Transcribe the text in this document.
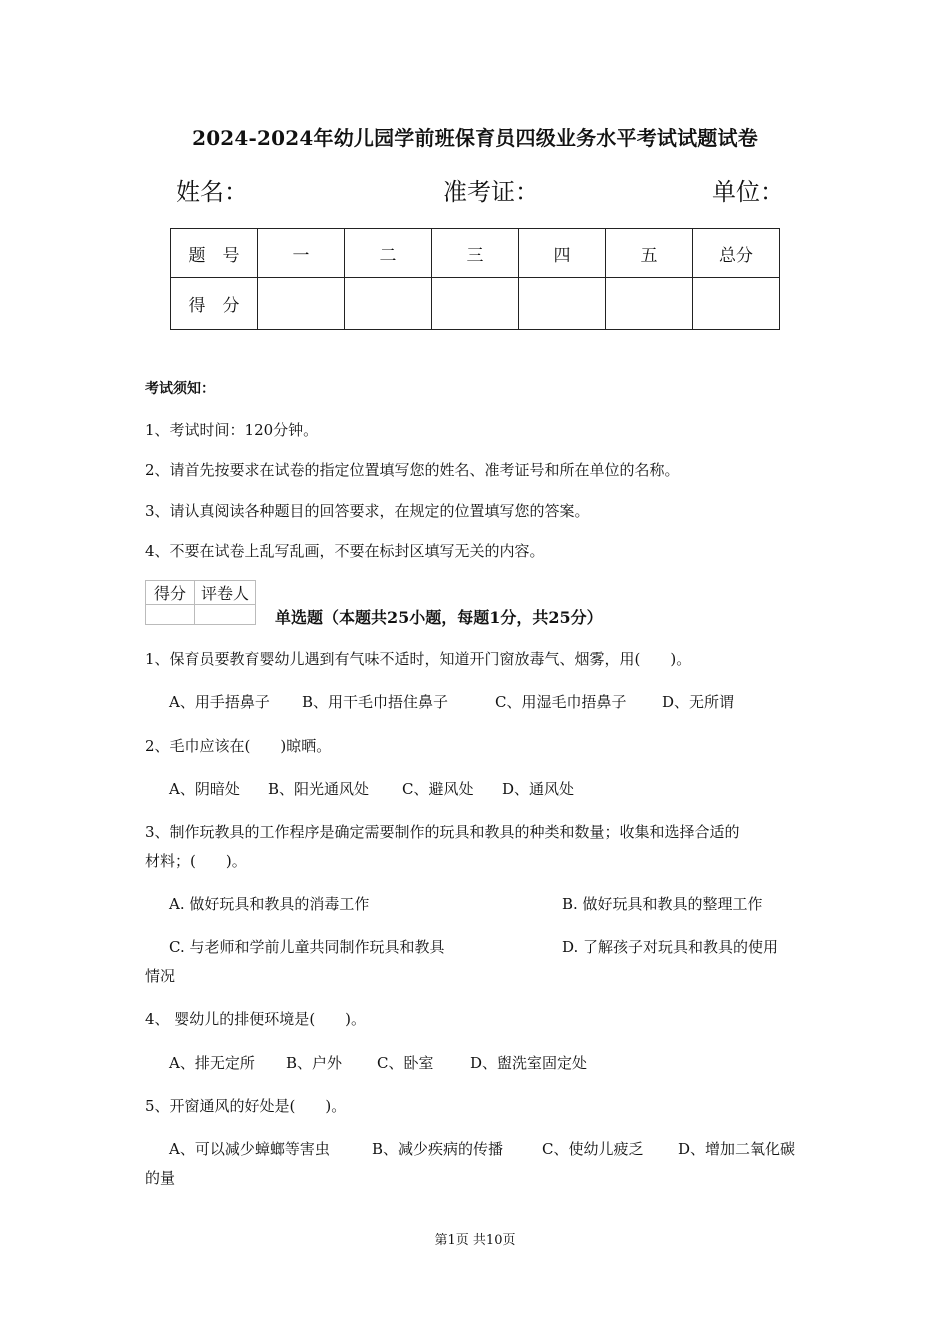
2024-2024年幼儿园学前班保育员四级业务水平考试试题试卷
姓名：	准考证：	单位：
题　号	一	二	三	四	五	总分
得　分						
考试须知：
1、考试时间：120分钟。
2、请首先按要求在试卷的指定位置填写您的姓名、准考证号和所在单位的名称。
3、请认真阅读各种题目的回答要求，在规定的位置填写您的答案。
4、不要在试卷上乱写乱画，不要在标封区填写无关的内容。
得分	评卷人

单选题（本题共25小题，每题1分，共25分）
1、保育员要教育婴幼儿遇到有气味不适时，知道开门窗放毒气、烟雾，用(　　)。
A、用手捂鼻子 B、用干毛巾捂住鼻子	C、用湿毛巾捂鼻子 D、无所谓
2、毛巾应该在(　　)晾晒。
A、阴暗处 B、阳光通风处 C、避风处 D、通风处
3、制作玩教具的工作程序是确定需要制作的玩具和教具的种类和数量；收集和选择合适的
材料；(　　)。
A. 做好玩具和教具的消毒工作	B. 做好玩具和教具的整理工作
C. 与老师和学前儿童共同制作玩具和教具	D. 了解孩子对玩具和教具的使用
情况
4、 婴幼儿的排便环境是(　　)。
A、排无定所 B、户外 C、卧室 D、盥洗室固定处
5、开窗通风的好处是(　　)。
A、可以减少蟑螂等害虫	B、减少疾病的传播	C、使幼儿疲乏 D、增加二氧化碳
的量
第1页 共10页
